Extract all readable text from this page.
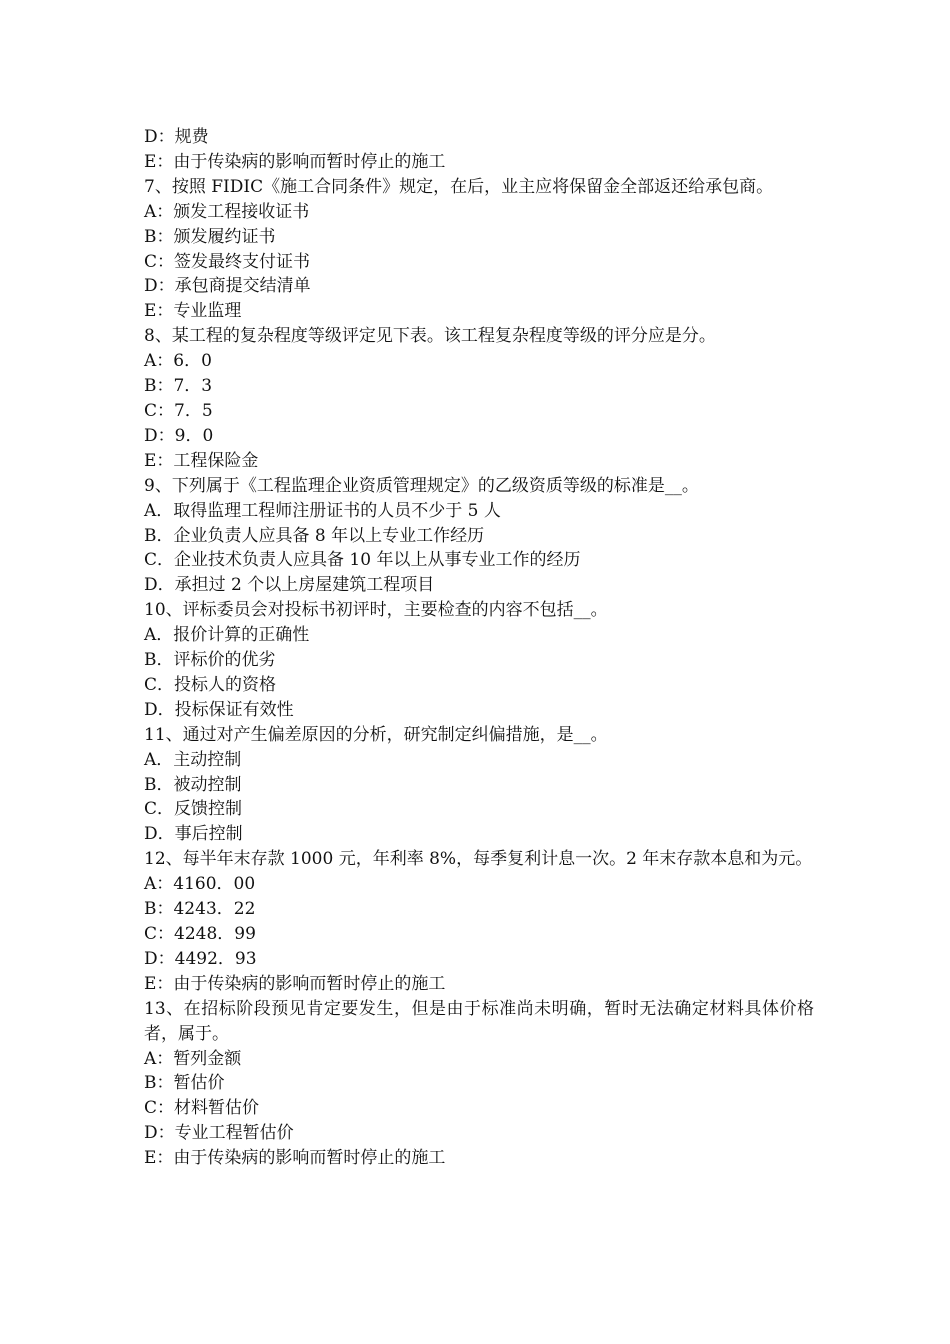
D：规费

E：由于传染病的影响而暂时停止的施工

7、按照 FIDIC《施工合同条件》规定，在后，业主应将保留金全部返还给承包商。

A：颁发工程接收证书

B：颁发履约证书

C：签发最终支付证书

D：承包商提交结清单

E：专业监理

8、某工程的复杂程度等级评定见下表。该工程复杂程度等级的评分应是分。

A：6．0

B：7．3

C：7．5

D：9．0

E：工程保险金

9、下列属于《工程监理企业资质管理规定》的乙级资质等级的标准是__。

A．取得监理工程师注册证书的人员不少于 5 人

B．企业负责人应具备 8 年以上专业工作经历

C．企业技术负责人应具备 10 年以上从事专业工作的经历

D．承担过 2 个以上房屋建筑工程项目

10、评标委员会对投标书初评时，主要检查的内容不包括__。

A．报价计算的正确性

B．评标价的优劣

C．投标人的资格

D．投标保证有效性

11、通过对产生偏差原因的分析，研究制定纠偏措施，是__。

A．主动控制

B．被动控制

C．反馈控制

D．事后控制

12、每半年末存款 1000 元，年利率 8%，每季复利计息一次。2 年末存款本息和为元。

A：4160．00

B：4243．22

C：4248．99

D：4492．93

E：由于传染病的影响而暂时停止的施工

13、在招标阶段预见肯定要发生，但是由于标准尚未明确，暂时无法确定材料具体价格者，属于。

A：暂列金额

B：暂估价

C：材料暂估价

D：专业工程暂估价

E：由于传染病的影响而暂时停止的施工
